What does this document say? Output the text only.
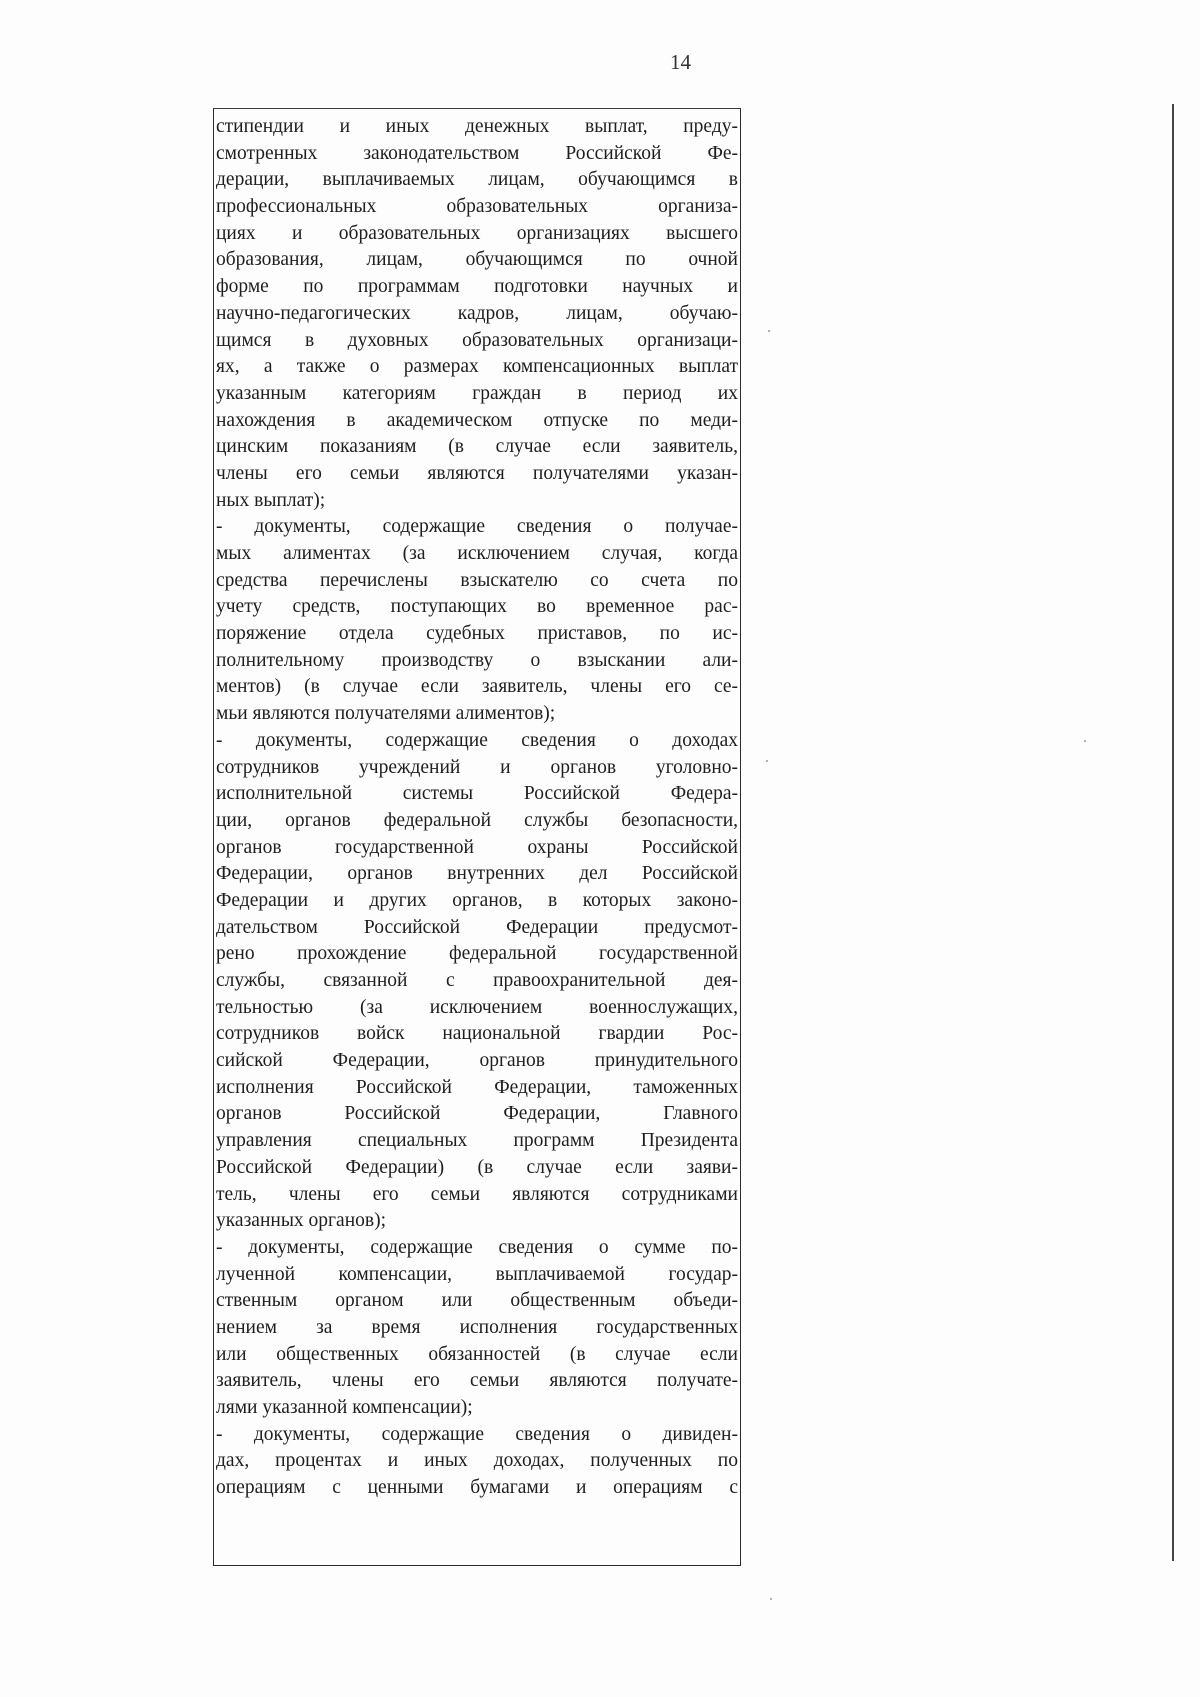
14
стипендии и иных денежных выплат, преду-
смотренных законодательством Российской Фе-
дерации, выплачиваемых лицам, обучающимся в
профессиональных образовательных организа-
циях и образовательных организациях высшего
образования, лицам, обучающимся по очной
форме по программам подготовки научных и
научно-педагогических кадров, лицам, обучаю-
щимся в духовных образовательных организаци-
ях, а также о размерах компенсационных выплат
указанным категориям граждан в период их
нахождения в академическом отпуске по меди-
цинским показаниям (в случае если заявитель,
члены его семьи являются получателями указан-
ных выплат);
- документы, содержащие сведения о получае-
мых алиментах (за исключением случая, когда
средства перечислены взыскателю со счета по
учету средств, поступающих во временное рас-
поряжение отдела судебных приставов, по ис-
полнительному производству о взыскании али-
ментов) (в случае если заявитель, члены его се-
мьи являются получателями алиментов);
- документы, содержащие сведения о доходах
сотрудников учреждений и органов уголовно-
исполнительной системы Российской Федера-
ции, органов федеральной службы безопасности,
органов государственной охраны Российской
Федерации, органов внутренних дел Российской
Федерации и других органов, в которых законо-
дательством Российской Федерации предусмот-
рено прохождение федеральной государственной
службы, связанной с правоохранительной дея-
тельностью (за исключением военнослужащих,
сотрудников войск национальной гвардии Рос-
сийской Федерации, органов принудительного
исполнения Российской Федерации, таможенных
органов Российской Федерации, Главного
управления специальных программ Президента
Российской Федерации) (в случае если заяви-
тель, члены его семьи являются сотрудниками
указанных органов);
- документы, содержащие сведения о сумме по-
лученной компенсации, выплачиваемой государ-
ственным органом или общественным объеди-
нением за время исполнения государственных
или общественных обязанностей (в случае если
заявитель, члены его семьи являются получате-
лями указанной компенсации);
- документы, содержащие сведения о дивиден-
дах, процентах и иных доходах, полученных по
операциям с ценными бумагами и операциям с
